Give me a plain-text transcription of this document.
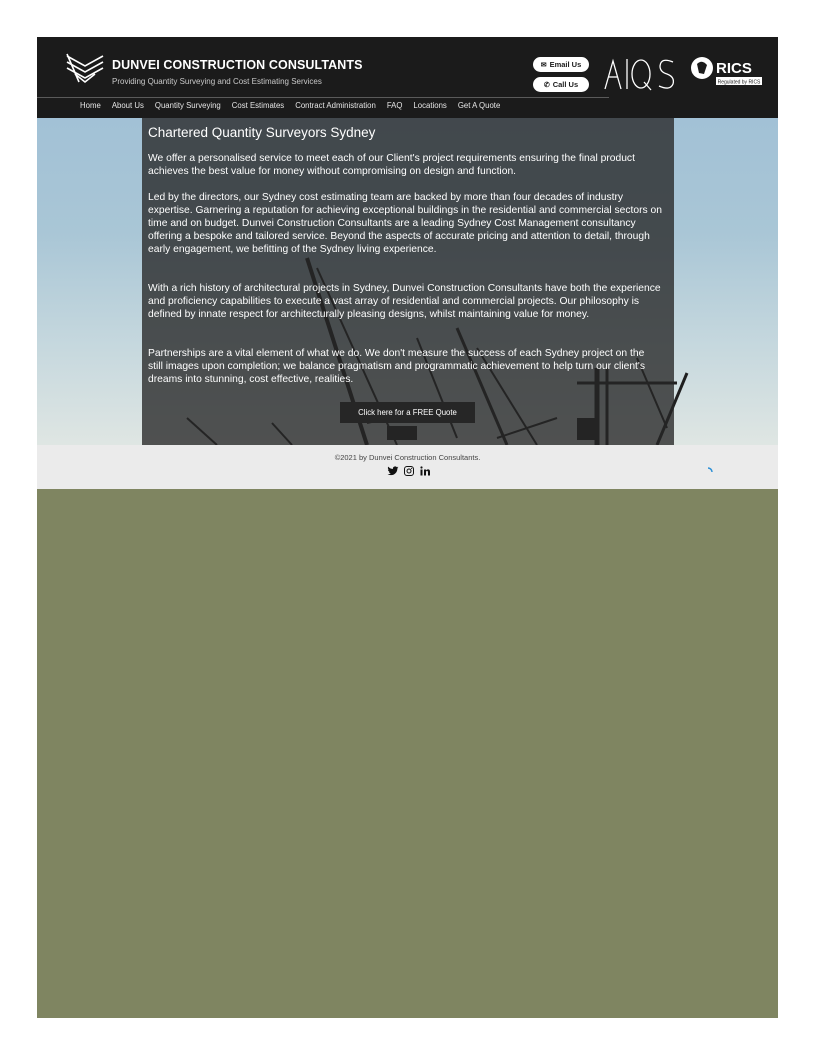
DUNVEI CONSTRUCTION CONSULTANTS
Providing Quantity Surveying and Cost Estimating Services
✉ Email Us
✆ Call Us
AIQS
RICS
Regulated by RICS
Home About Us Quantity Surveying Cost Estimates Contract Administration FAQ Locations Get A Quote
Chartered Quantity Surveyors Sydney

We offer a personalised service to meet each of our Client's project requirements ensuring the final product achieves the best value for money without compromising on design and function.

Led by the directors, our Sydney cost estimating team are backed by more than four decades of industry expertise. Garnering a reputation for achieving exceptional buildings in the residential and commercial sectors on time and on budget. Dunvei Construction Consultants are a leading Sydney Cost Management consultancy offering a bespoke and tailored service. Beyond the aspects of accurate pricing and attention to detail, through early engagement, we befitting of the Sydney living experience.

With a rich history of architectural projects in Sydney, Dunvei Construction Consultants have both the experience and proficiency capabilities to execute a vast array of residential and commercial projects. Our philosophy is defined by innate respect for architecturally pleasing designs, whilst maintaining value for money.

Partnerships are a vital element of what we do. We don't measure the success of each Sydney project on the still images upon completion; we balance pragmatism and programmatic achievement to help turn our client's dreams into stunning, cost effective, realities.

Click here for a FREE Quote
©2021 by Dunvei Construction Consultants.
